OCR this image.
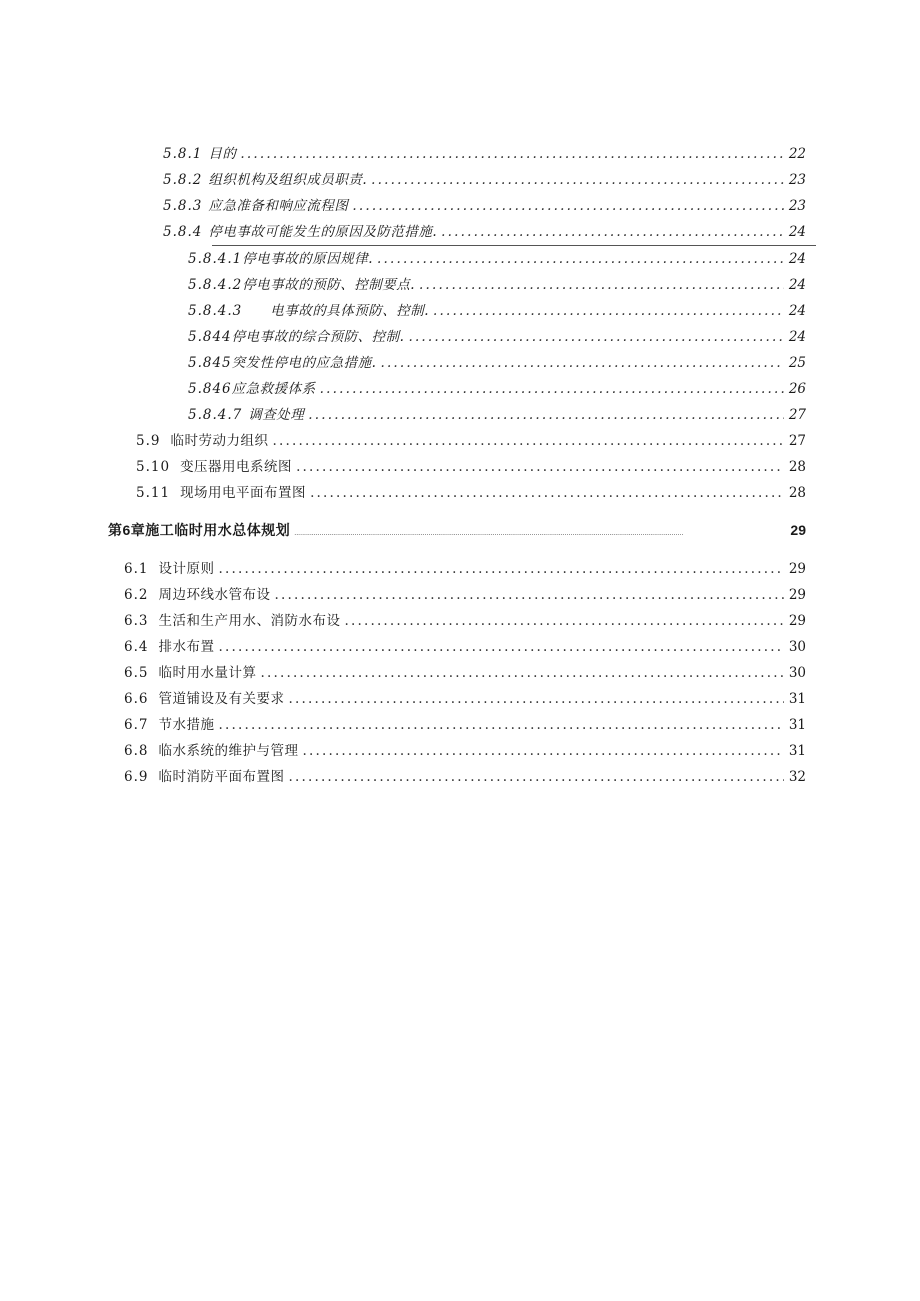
5.8.1 目的 .....	22
5.8.2 组织机构及组织成员职责. .....	23
5.8.3 应急准备和响应流程图 .....	23
5.8.4 停电事故可能发生的原因及防范措施. .....	24
5.8.4.1 停电事故的原因规律. .....	24
5.8.4.2 停电事故的预防、控制要点. .....	24
5.8.4.3 电事故的具体预防、控制. .....	24
5.844 停电事故的综合预防、控制. .....	24
5.845 突发性停电的应急措施. .....	25
5.846 应急救援体系 .....	26
5.8.4.7 调查处理 .....	27
5.9 临时劳动力组织 .....	27
5.10 变压器用电系统图 .....	28
5.11 现场用电平面布置图 .....	28
第6章施工临时用水总体规划 .....	29
6.1 设计原则 .....	29
6.2 周边环线水管布设 .....	29
6.3 生活和生产用水、消防水布设 .....	29
6.4 排水布置 .....	30
6.5 临时用水量计算 .....	30
6.6 管道铺设及有关要求 .....	31
6.7 节水措施 .....	31
6.8 临水系统的维护与管理 .....	31
6.9 临时消防平面布置图 .....	32
